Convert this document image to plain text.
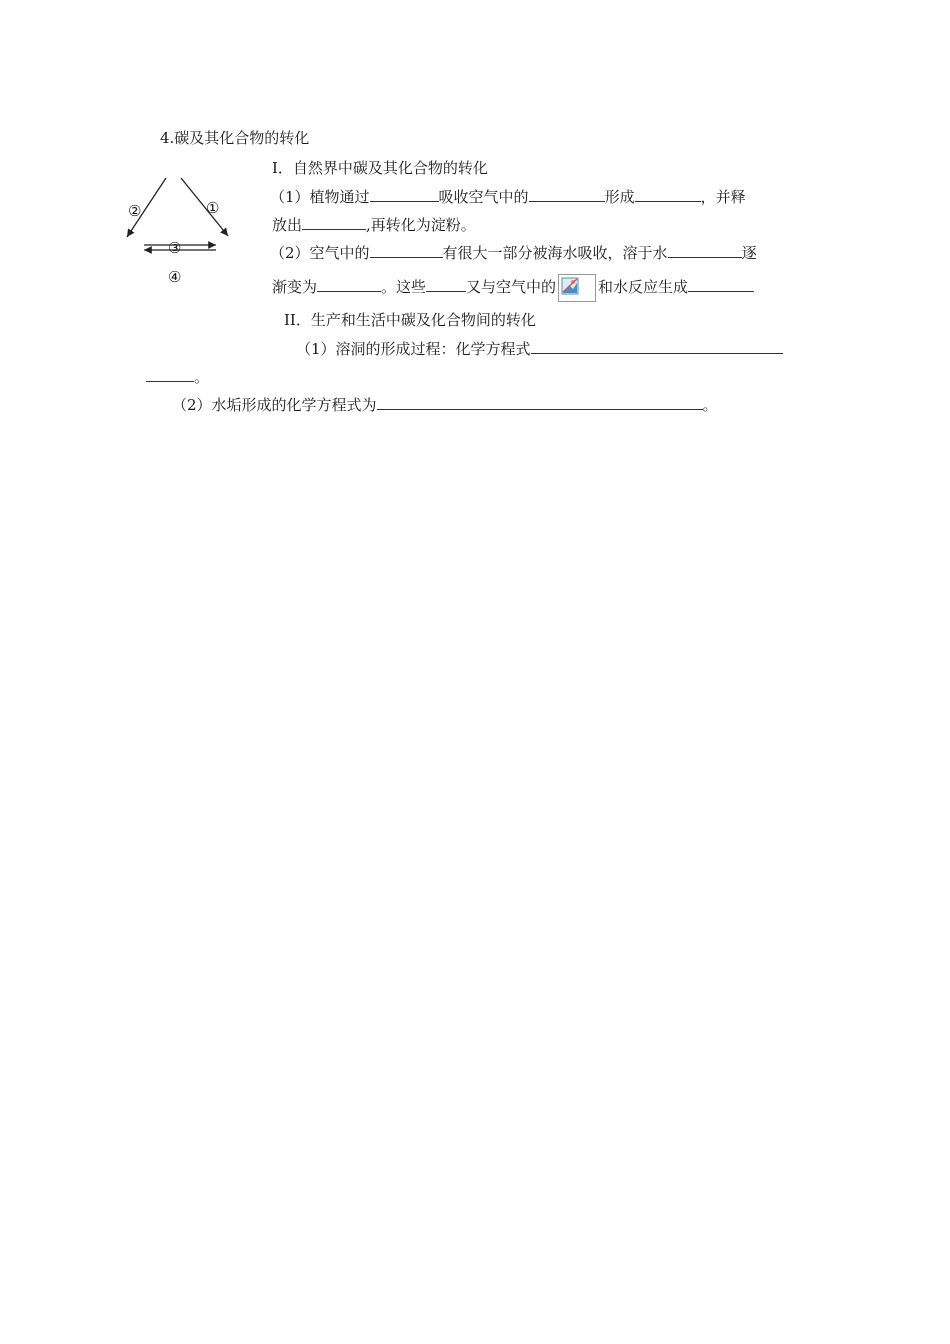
4.碳及其化合物的转化
②	①
③
④
I．自然界中碳及其化合物的转化
（1）植物通过	吸收空气中的	形成	，并释
放出	,再转化为淀粉。
（2）空气中的	有很大一部分被海水吸收，溶于水	逐
渐变为	。这些	又与空气中的	和水反应生成
II．生产和生活中碳及化合物间的转化
（1）溶洞的形成过程：化学方程式
。
（2）水垢形成的化学方程式为	。
